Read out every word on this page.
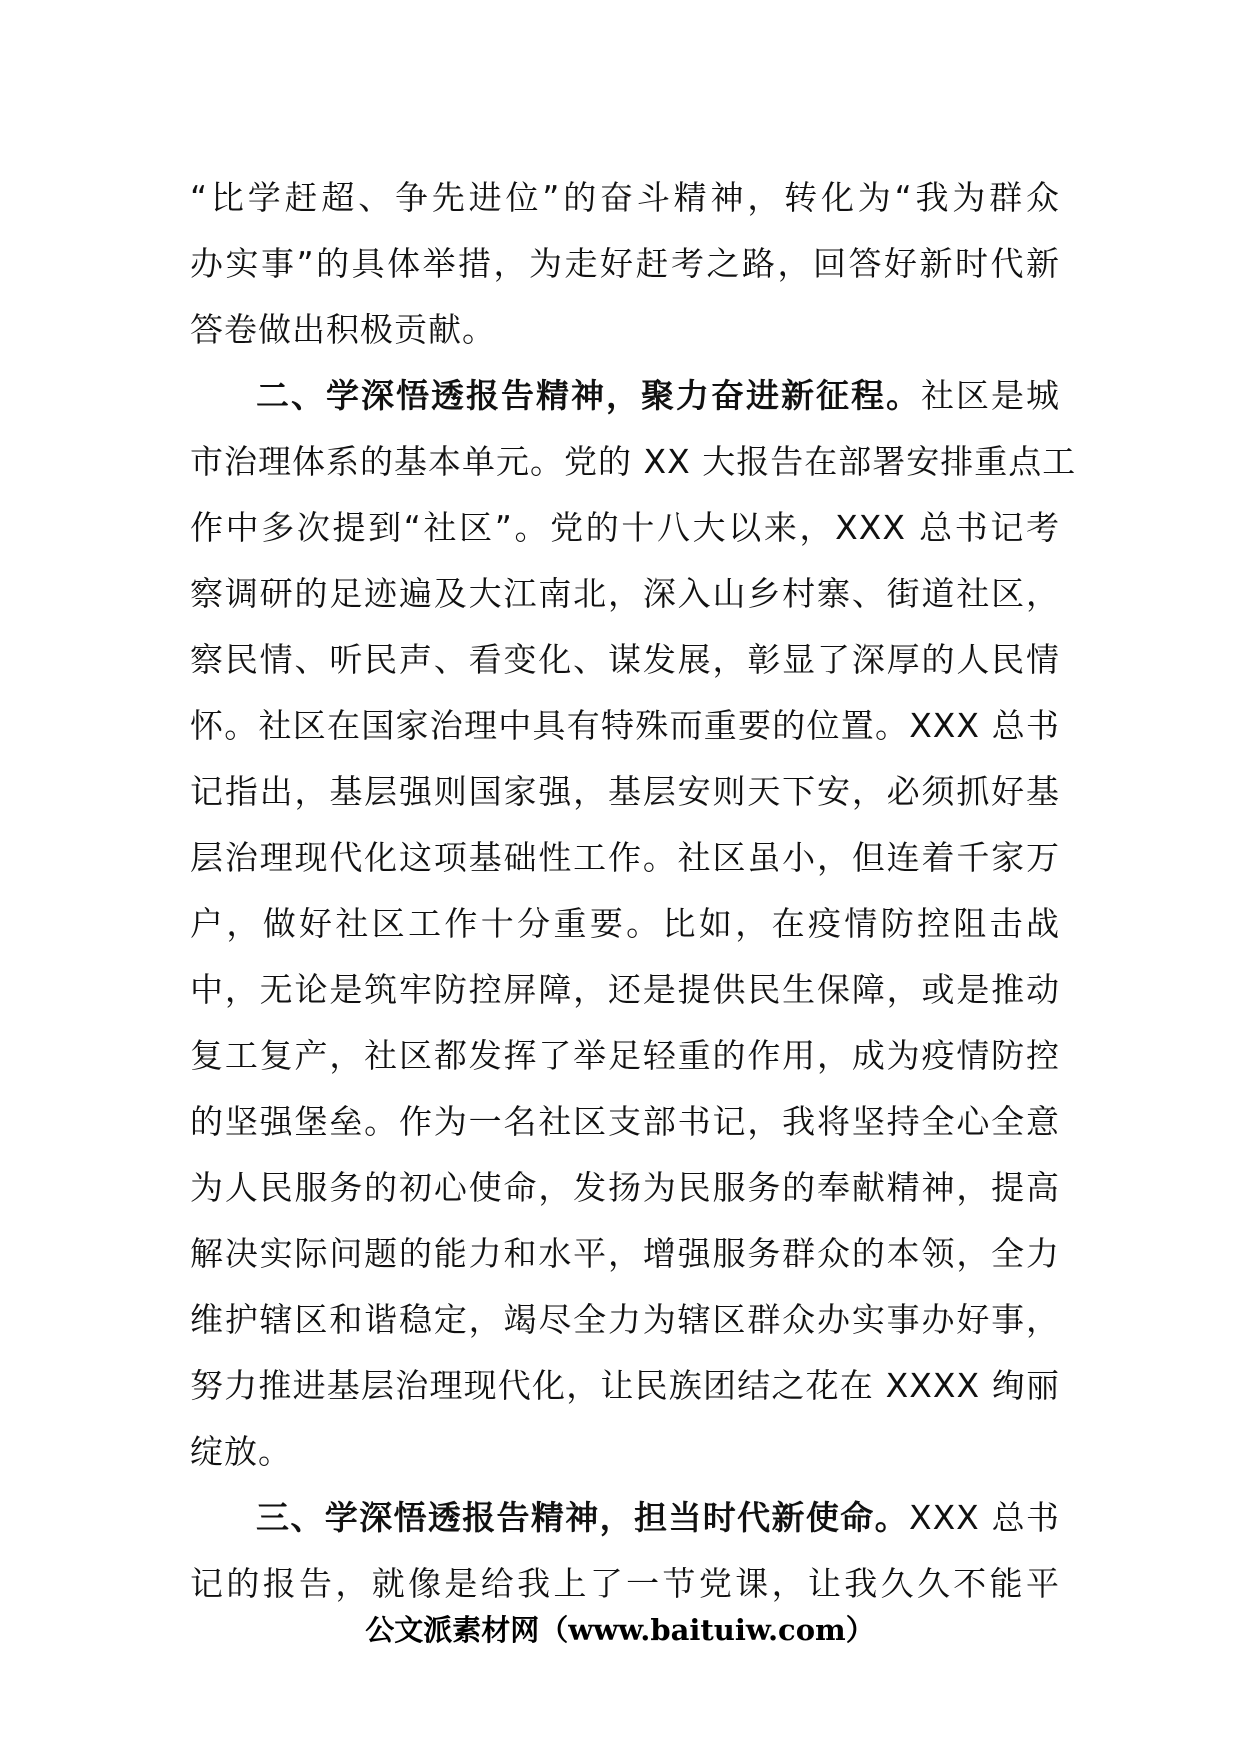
“比学赶超、争先进位”的奋斗精神，转化为“我为群众
办实事”的具体举措，为走好赶考之路，回答好新时代新
答卷做出积极贡献。
二、学深悟透报告精神，聚力奋进新征程。社区是城
市治理体系的基本单元。党的 XX 大报告在部署安排重点工
作中多次提到“社区”。党的十八大以来，XXX 总书记考
察调研的足迹遍及大江南北，深入山乡村寨、街道社区，
察民情、听民声、看变化、谋发展，彰显了深厚的人民情
怀。社区在国家治理中具有特殊而重要的位置。XXX 总书
记指出，基层强则国家强，基层安则天下安，必须抓好基
层治理现代化这项基础性工作。社区虽小，但连着千家万
户，做好社区工作十分重要。比如，在疫情防控阻击战
中，无论是筑牢防控屏障，还是提供民生保障，或是推动
复工复产，社区都发挥了举足轻重的作用，成为疫情防控
的坚强堡垒。作为一名社区支部书记，我将坚持全心全意
为人民服务的初心使命，发扬为民服务的奉献精神，提高
解决实际问题的能力和水平，增强服务群众的本领，全力
维护辖区和谐稳定，竭尽全力为辖区群众办实事办好事，
努力推进基层治理现代化，让民族团结之花在 XXXX 绚丽
绽放。
三、学深悟透报告精神，担当时代新使命。XXX 总书
记的报告，就像是给我上了一节党课，让我久久不能平
公文派素材网（www.baituiw.com）
